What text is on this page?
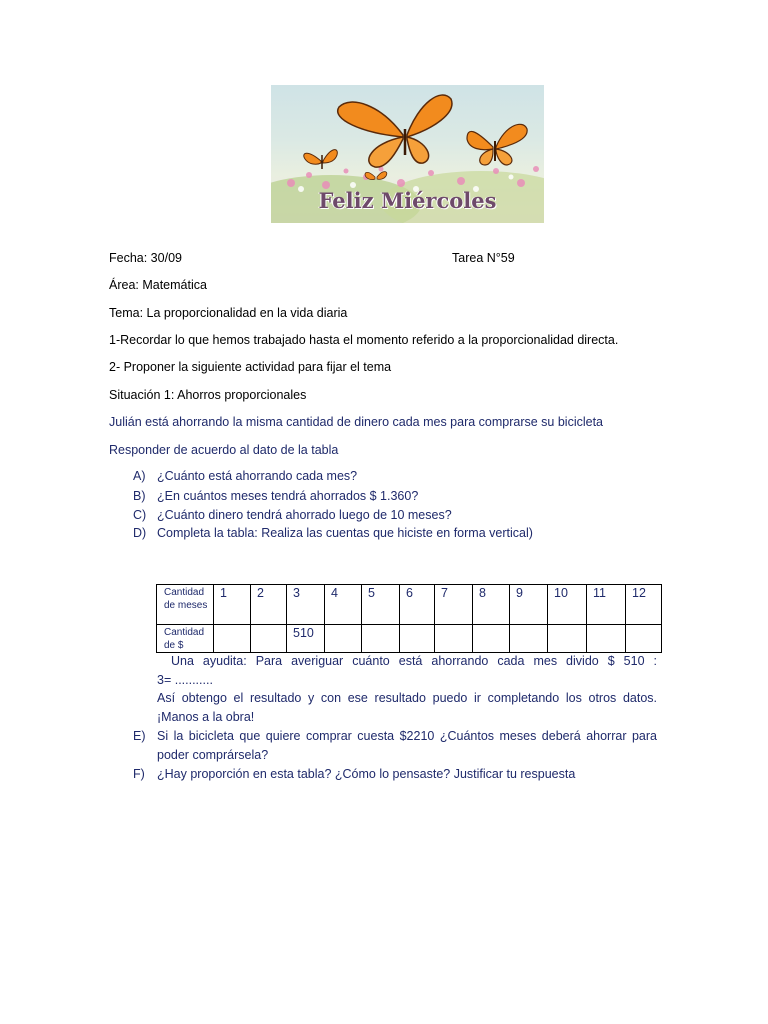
Feliz Miércoles
Fecha: 30/09	Tarea N°59
Área: Matemática
Tema: La proporcionalidad en la vida diaria
1-Recordar lo que hemos trabajado hasta el momento referido a la proporcionalidad directa.
2- Proponer la siguiente actividad para fijar el tema
Situación 1: Ahorros proporcionales
Julián está ahorrando la misma cantidad de dinero cada mes para comprarse su bicicleta
Responder de acuerdo al dato de la tabla
A) ¿Cuánto está ahorrando cada mes?
B) ¿En cuántos meses tendrá ahorrados $ 1.360?
C) ¿Cuánto dinero tendrá ahorrado luego de 10 meses?
D) Completa la tabla: Realiza las cuentas que hiciste en forma vertical)
Cantidad de meses	1	2	3	4	5	6	7	8	9	10	11	12
Cantidad de $			510									
Una ayudita: Para averiguar cuánto está ahorrando cada mes divido $ 510 :
3= ...........
Así obtengo el resultado y con ese resultado puedo ir completando los otros datos.
¡Manos a la obra!
E) Si la bicicleta que quiere comprar cuesta $2210 ¿Cuántos meses deberá ahorrar para
poder comprársela?
F) ¿Hay proporción en esta tabla? ¿Cómo lo pensaste? Justificar tu respuesta
